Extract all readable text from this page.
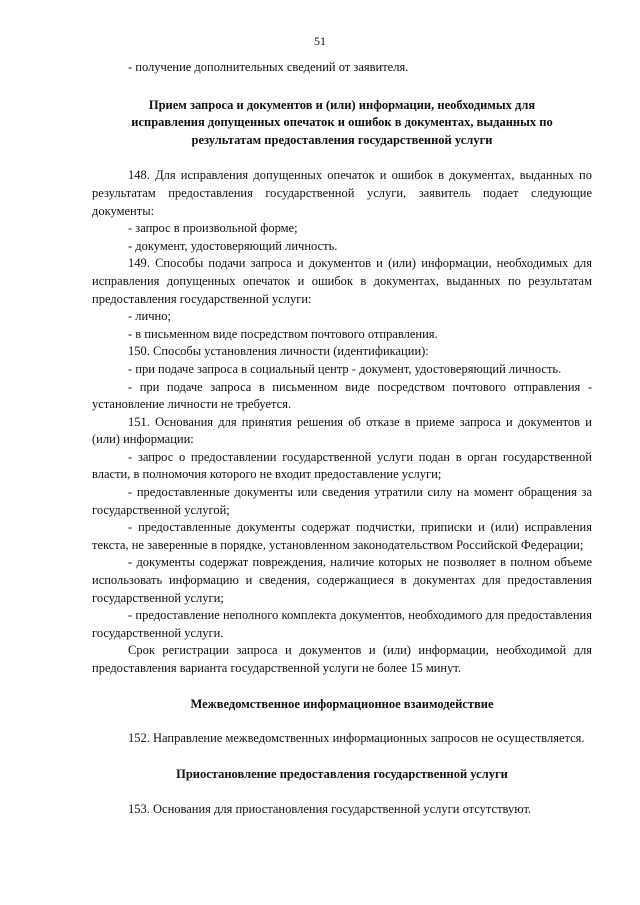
51

- получение дополнительных сведений от заявителя.

Прием запроса и документов и (или) информации, необходимых для исправления допущенных опечаток и ошибок в документах, выданных по результатам предоставления государственной услуги

148. Для исправления допущенных опечаток и ошибок в документах, выданных по результатам предоставления государственной услуги, заявитель подает следующие документы:

- запрос в произвольной форме;

- документ, удостоверяющий личность.

149. Способы подачи запроса и документов и (или) информации, необходимых для исправления допущенных опечаток и ошибок в документах, выданных по результатам предоставления государственной услуги:

- лично;

- в письменном виде посредством почтового отправления.

150. Способы установления личности (идентификации):

- при подаче запроса в социальный центр - документ, удостоверяющий личность.

- при подаче запроса в письменном виде посредством почтового отправления - установление личности не требуется.

151. Основания для принятия решения об отказе в приеме запроса и документов и (или) информации:

- запрос о предоставлении государственной услуги подан в орган государственной власти, в полномочия которого не входит предоставление услуги;

- предоставленные документы или сведения утратили силу на момент обращения за государственной услугой;

- предоставленные документы содержат подчистки, приписки и (или) исправления текста, не заверенные в порядке, установленном законодательством Российской Федерации;

- документы содержат повреждения, наличие которых не позволяет в полном объеме использовать информацию и сведения, содержащиеся в документах для предоставления государственной услуги;

- предоставление неполного комплекта документов, необходимого для предоставления государственной услуги.

Срок регистрации запроса и документов и (или) информации, необходимой для предоставления варианта государственной услуги не более 15 минут.

Межведомственное информационное взаимодействие

152. Направление межведомственных информационных запросов не осуществляется.

Приостановление предоставления государственной услуги

153. Основания для приостановления государственной услуги отсутствуют.
